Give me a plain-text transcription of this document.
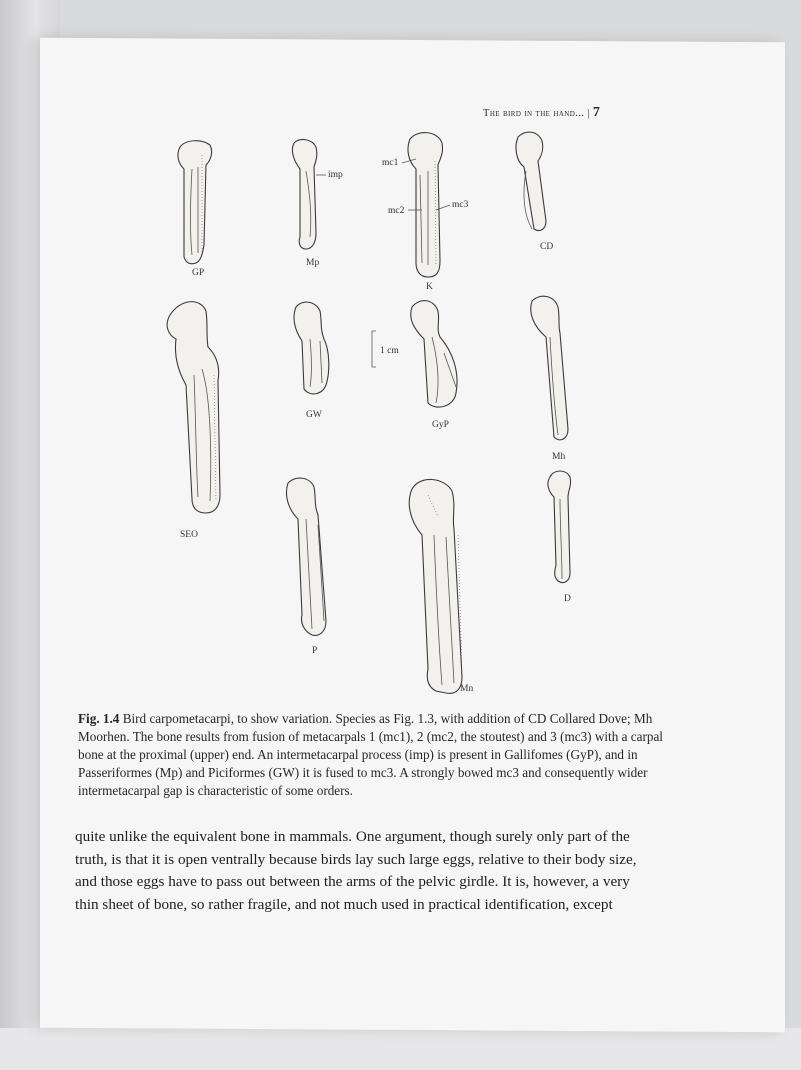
The bird in the hand... | 7
GP
imp
Mp
mc1
mc2
mc3
K
CD
SEO
GW
1 cm
GyP
Mh
P
Mn
D
Fig. 1.4 Bird carpometacarpi, to show variation. Species as Fig. 1.3, with addition of CD Collared Dove; Mh Moorhen. The bone results from fusion of metacarpals 1 (mc1), 2 (mc2, the stoutest) and 3 (mc3) with a carpal bone at the proximal (upper) end. An intermetacarpal process (imp) is present in Gallifomes (GyP), and in Passeriformes (Mp) and Piciformes (GW) it is fused to mc3. A strongly bowed mc3 and consequently wider intermetacarpal gap is characteristic of some orders.

quite unlike the equivalent bone in mammals. One argument, though surely only part of the

truth, is that it is open ventrally because birds lay such large eggs, relative to their body size,

and those eggs have to pass out between the arms of the pelvic girdle. It is, however, a very

thin sheet of bone, so rather fragile, and not much used in practical identification, except
